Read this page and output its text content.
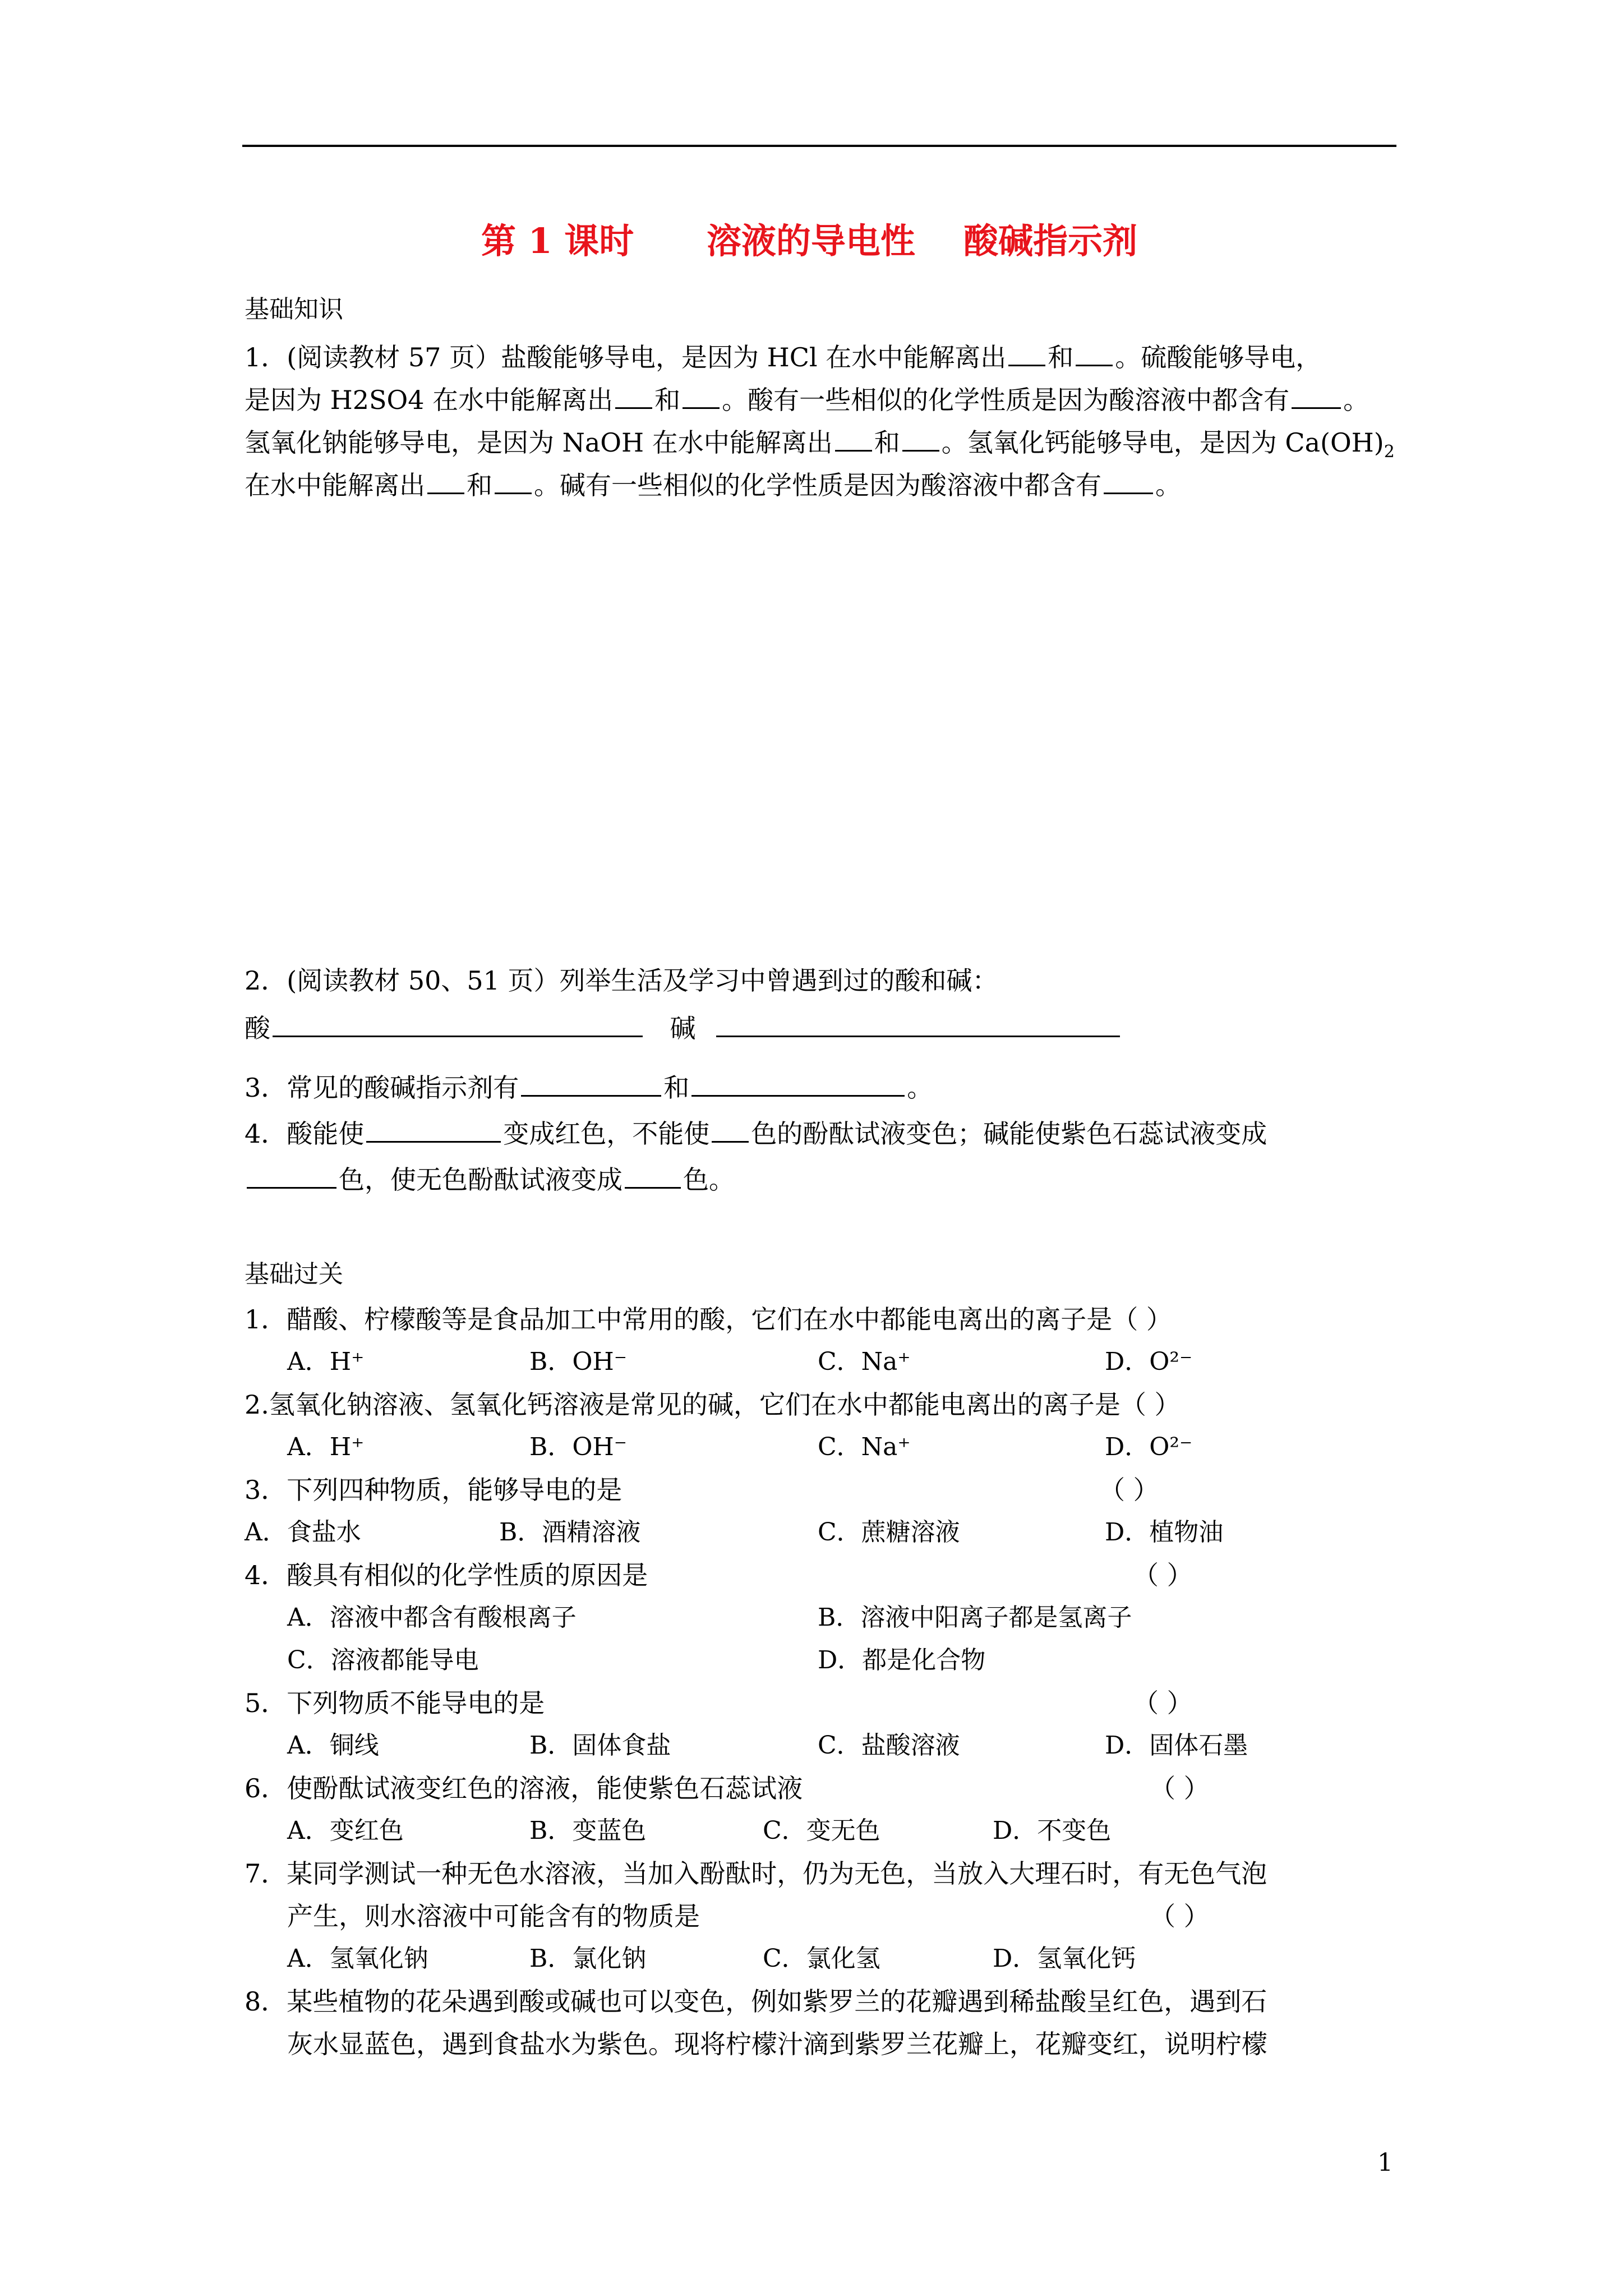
第 1 课时      溶液的导电性    酸碱指示剂
基础知识
1．(阅读教材 57 页）盐酸能够导电，是因为 HCl 在水中能解离出 和 。硫酸能够导电，
是因为 H2SO4 在水中能解离出 和 。酸有一些相似的化学性质是因为酸溶液中都含有 。
氢氧化钠能够导电，是因为 NaOH 在水中能解离出 和 。氢氧化钙能够导电，是因为 $Ca(OH)_2$
在水中能解离出 和 。碱有一些相似的化学性质是因为酸溶液中都含有 。
2．(阅读教材 50、51 页）列举生活及学习中曾遇到过的酸和碱：
酸	碱
3．常见的酸碱指示剂有	和	。
4．酸能使	变成红色，不能使 色的酚酞试液变色；碱能使紫色石蕊试液变成
色，使无色酚酞试液变成 色。
基础过关
1．醋酸、柠檬酸等是食品加工中常用的酸，它们在水中都能电离出的离子是（ ）
A．H⁺	B．OH⁻	C．Na⁺	D．O²⁻
2.氢氧化钠溶液、氢氧化钙溶液是常见的碱，它们在水中都能电离出的离子是（ ）
A．H⁺	B．OH⁻	C．Na⁺	D．O²⁻
3．下列四种物质，能够导电的是	（ ）
A．食盐水	B．酒精溶液	C．蔗糖溶液	D．植物油
4．酸具有相似的化学性质的原因是	（ ）
A．溶液中都含有酸根离子	B．溶液中阳离子都是氢离子
C．溶液都能导电	D．都是化合物
5．下列物质不能导电的是	（ ）
A．铜线	B．固体食盐	C．盐酸溶液	D．固体石墨
6．使酚酞试液变红色的溶液，能使紫色石蕊试液	（ ）
A．变红色	B．变蓝色	C．变无色	D．不变色
7．某同学测试一种无色水溶液，当加入酚酞时，仍为无色，当放入大理石时，有无色气泡
产生，则水溶液中可能含有的物质是	（ ）
A．氢氧化钠	B．氯化钠	C．氯化氢	D．氢氧化钙
8．某些植物的花朵遇到酸或碱也可以变色，例如紫罗兰的花瓣遇到稀盐酸呈红色，遇到石
灰水显蓝色，遇到食盐水为紫色。现将柠檬汁滴到紫罗兰花瓣上，花瓣变红，说明柠檬
1
